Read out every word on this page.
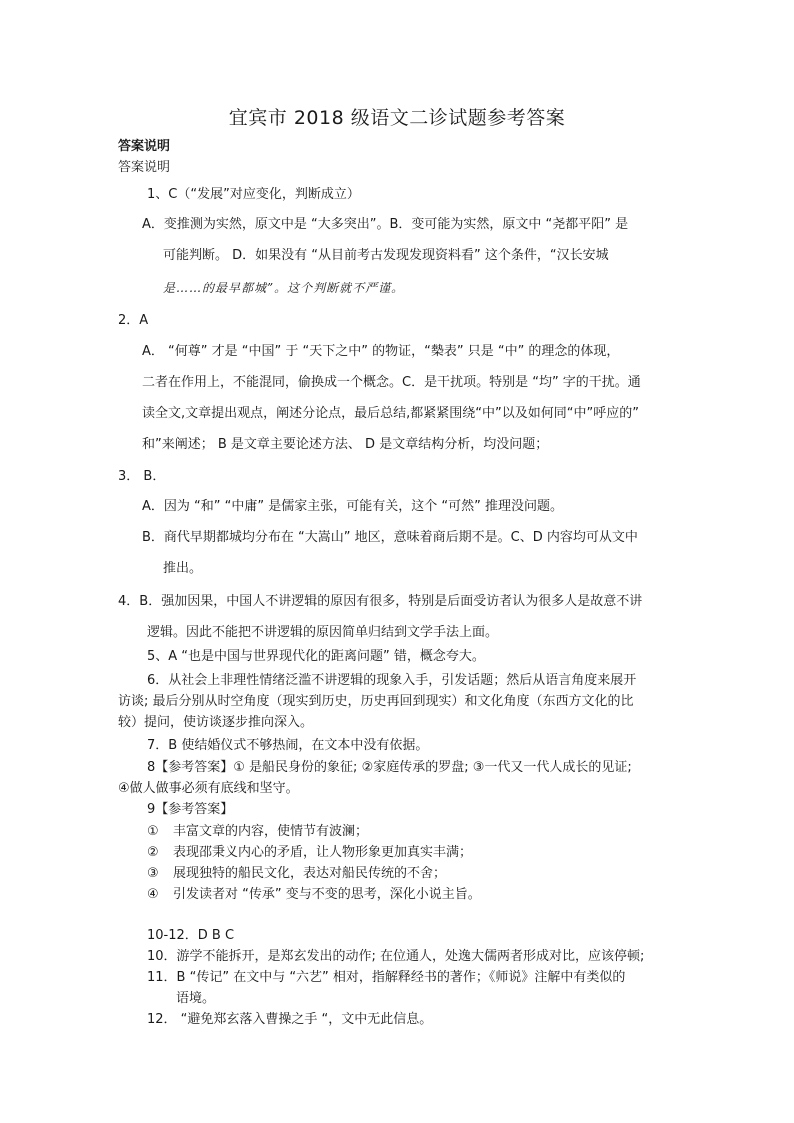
宜宾市 2018 级语文二诊试题参考答案
答案说明
答案说明
1、C（“发展”对应变化，判断成立）
A．变推测为实然，原文中是 “大多突出”。B．变可能为实然，原文中 “尧都平阳” 是
可能判断。 D．如果没有 “从目前考古发现发现资料看” 这个条件，“汉长安城
是……的最早都城”。这个判断就不严谨。
2．A
A． “何尊” 才是 “中国” 于 “天下之中” 的物证，“槷表” 只是 “中” 的理念的体现，
二者在作用上，不能混同，偷换成一个概念。C．是干扰项。特别是 “均” 字的干扰。通
读全文,文章提出观点，阐述分论点，最后总结,都紧紧围绕“中”以及如何同“中”呼应的”
和”来阐述； B 是文章主要论述方法、 D 是文章结构分析，均没问题；
3． B．
A．因为 “和” “中庸” 是儒家主张，可能有关，这个 “可然” 推理没问题。
B．商代早期都城均分布在 “大嵩山” 地区，意味着商后期不是。C、D 内容均可从文中
推出。
4．B．强加因果，中国人不讲逻辑的原因有很多，特别是后面受访者认为很多人是故意不讲
逻辑。因此不能把不讲逻辑的原因简单归结到文学手法上面。
5、A “也是中国与世界现代化的距离问题” 错，概念夸大。
6．从社会上非理性情绪泛滥不讲逻辑的现象入手，引发话题；然后从语言角度来展开
访谈; 最后分别从时空角度（现实到历史，历史再回到现实）和文化角度（东西方文化的比
较）提问，使访谈逐步推向深入。
7．B 使结婚仪式不够热闹，在文本中没有依据。
8【参考答案】① 是船民身份的象征; ②家庭传承的罗盘; ③一代又一代人成长的见证;
④做人做事必须有底线和坚守。
9【参考答案】
① 丰富文章的内容，使情节有波澜；
② 表现邵秉义内心的矛盾，让人物形象更加真实丰满；
③ 展现独特的船民文化，表达对船民传统的不舍；
④ 引发读者对 “传承” 变与不变的思考，深化小说主旨。
10-12．D B C
10．游学不能拆开，是郑玄发出的动作; 在位通人，处逸大儒两者形成对比，应该停顿;
11．B “传记” 在文中与 “六艺” 相对，指解释经书的著作；《师说》注解中有类似的
语境。
12． “避免郑玄落入曹操之手 “，文中无此信息。
